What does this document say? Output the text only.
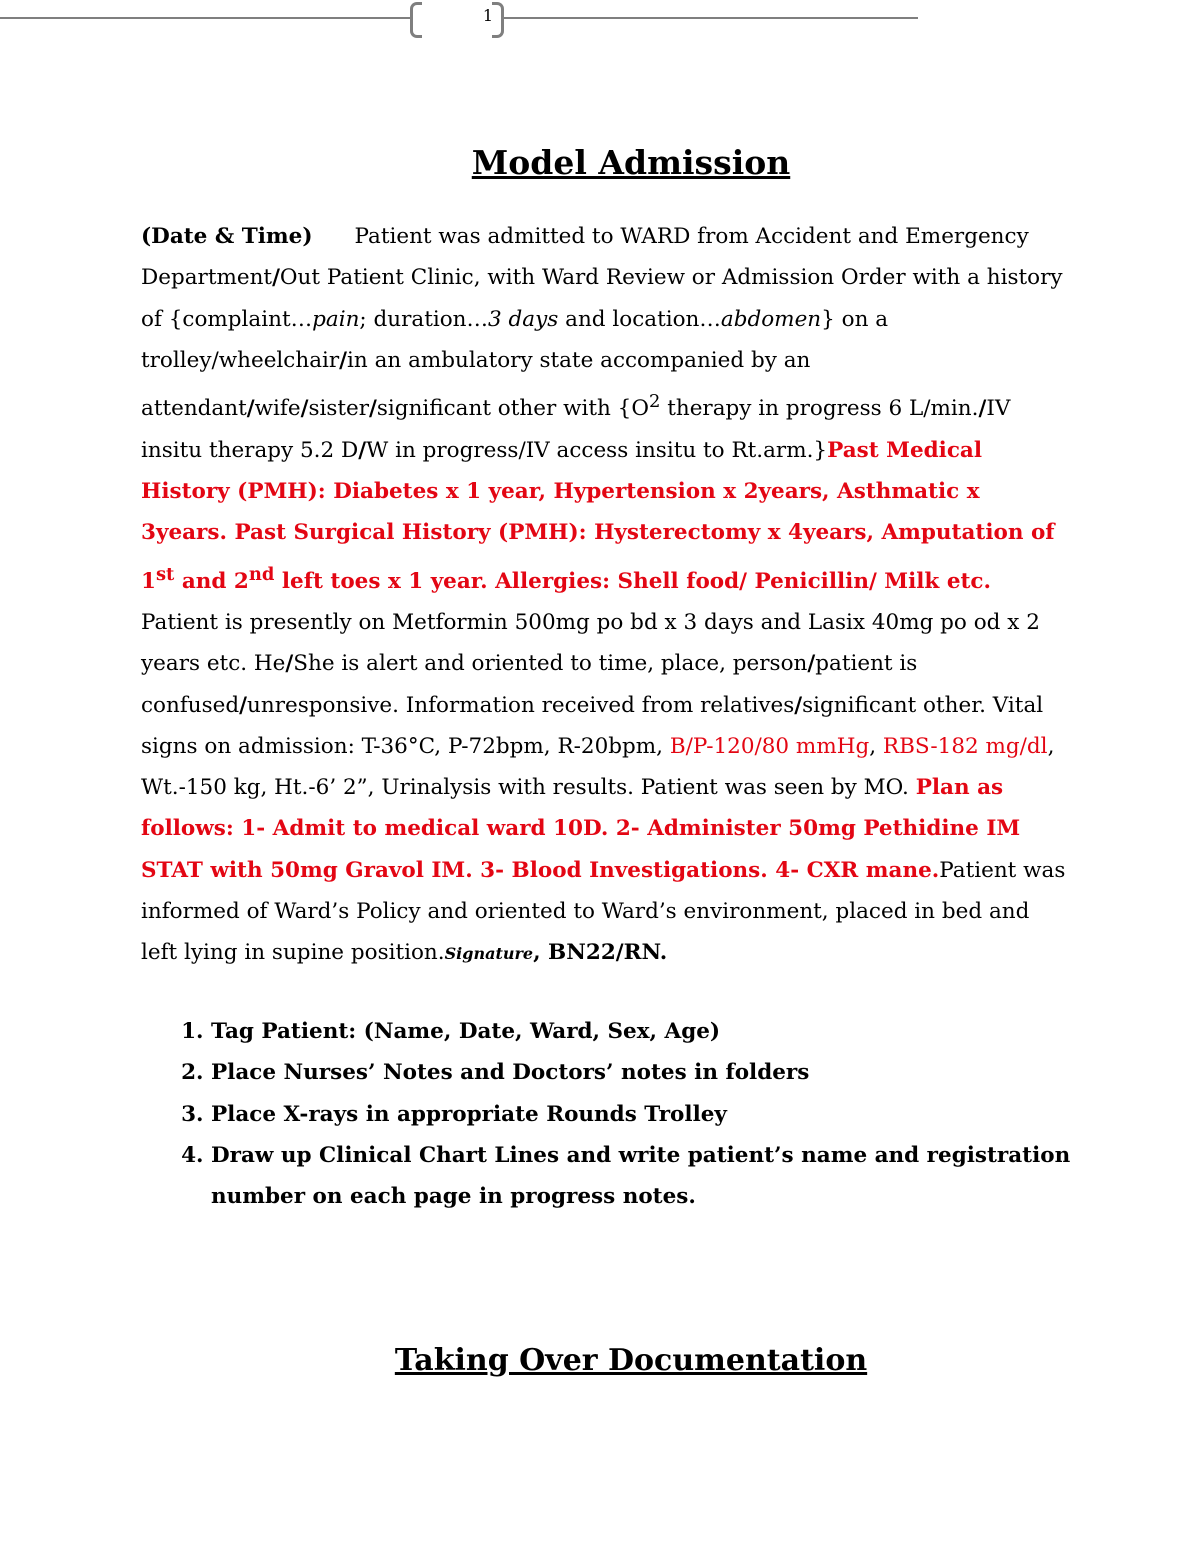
1
Model Admission

(Date & Time) Patient was admitted to WARD from Accident and Emergency Department/Out Patient Clinic, with Ward Review or Admission Order with a history of {complaint…pain; duration…3 days and location…abdomen} on a trolley/wheelchair/in an ambulatory state accompanied by an attendant/wife/sister/significant other with {$O^2$ therapy in progress 6 L/min./IV insitu therapy 5.2 D/W in progress/IV access insitu to Rt.arm.}Past Medical History (PMH): Diabetes x 1 year, Hypertension x 2years, Asthmatic x 3years. Past Surgical History (PMH): Hysterectomy x 4years, Amputation of 1st and 2nd left toes x 1 year. Allergies: Shell food/ Penicillin/ Milk etc. Patient is presently on Metformin 500mg po bd x 3 days and Lasix 40mg po od x 2 years etc. He/She is alert and oriented to time, place, person/patient is confused/unresponsive. Information received from relatives/significant other. Vital signs on admission: T-36°C, P-72bpm, R-20bpm, B/P-120/80 mmHg, RBS-182 mg/dl, Wt.-150 kg, Ht.-6’ 2”, Urinalysis with results. Patient was seen by MO. Plan as follows: 1- Admit to medical ward 10D. 2- Administer 50mg Pethidine IM STAT with 50mg Gravol IM. 3- Blood Investigations. 4- CXR mane.Patient was informed of Ward’s Policy and oriented to Ward’s environment, placed in bed and left lying in supine position.Signature, BN22/RN.

1. Tag Patient: (Name, Date, Ward, Sex, Age)
2. Place Nurses’ Notes and Doctors’ notes in folders
3. Place X-rays in appropriate Rounds Trolley
4. Draw up Clinical Chart Lines and write patient’s name and registration number on each page in progress notes.
Taking Over Documentation
